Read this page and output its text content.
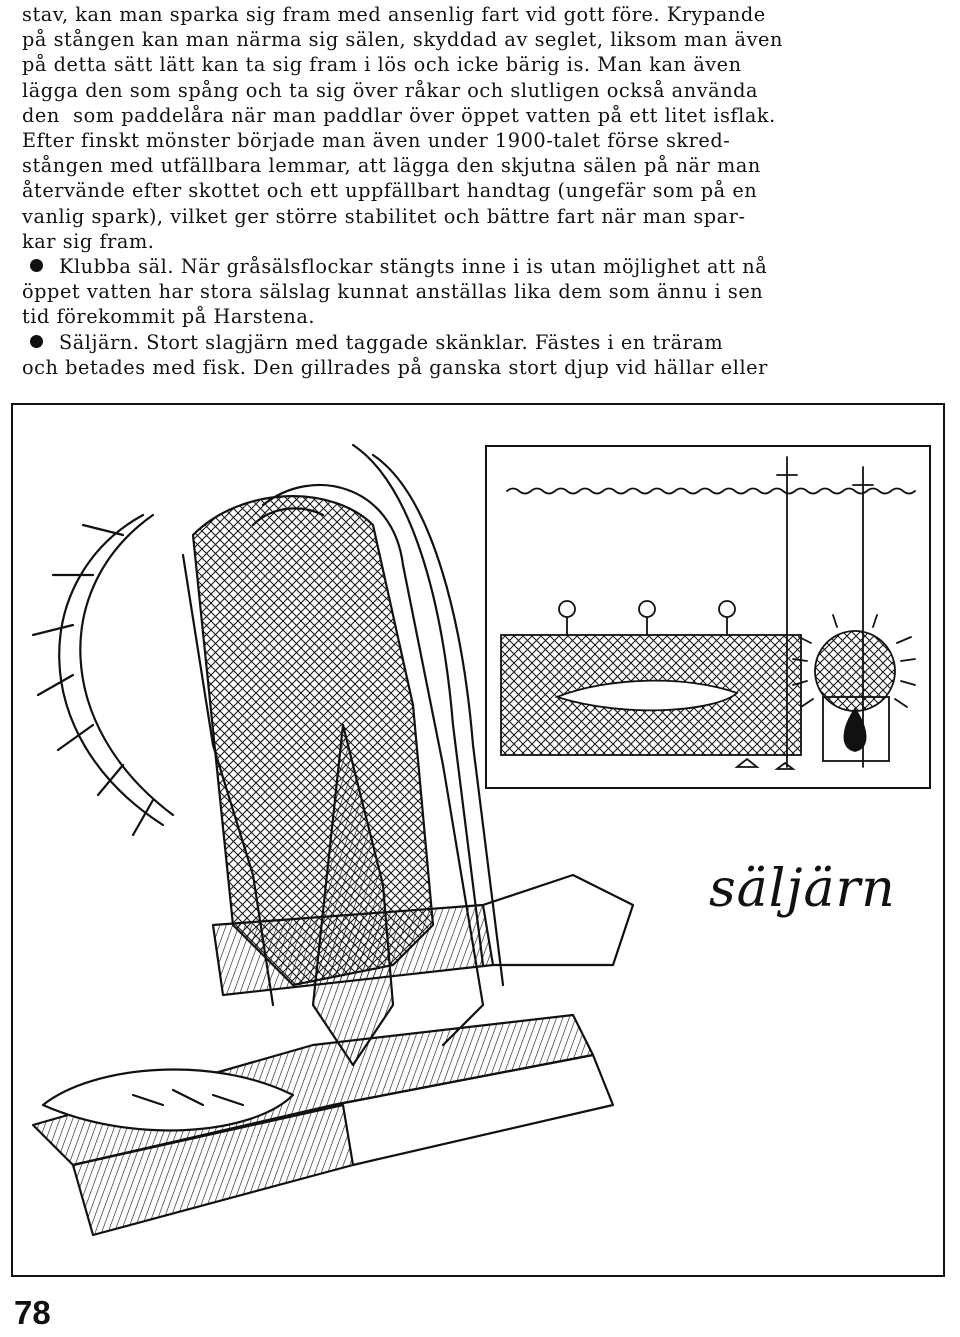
stav, kan man sparka sig fram med ansenlig fart vid gott före. Krypande
på stången kan man närma sig sälen, skyddad av seglet, liksom man även
på detta sätt lätt kan ta sig fram i lös och icke bärig is. Man kan även
lägga den som spång och ta sig över råkar och slutligen också använda
den  som paddelåra när man paddlar över öppet vatten på ett litet isflak.
Efter finskt mönster började man även under 1900-talet förse skred-
stången med utfällbara lemmar, att lägga den skjutna sälen på när man
återvände efter skottet och ett uppfällbart handtag (ungefär som på en
vanlig spark), vilket ger större stabilitet och bättre fart när man spar-
kar sig fram.
Klubba säl. När gråsälsflockar stängts inne i is utan möjlighet att nå
öppet vatten har stora sälslag kunnat anställas lika dem som ännu i sen
tid förekommit på Harstena.
Säljärn. Stort slagjärn med taggade skänklar. Fästes i en träram
och betades med fisk. Den gillrades på ganska stort djup vid hällar eller
säljärn
78
